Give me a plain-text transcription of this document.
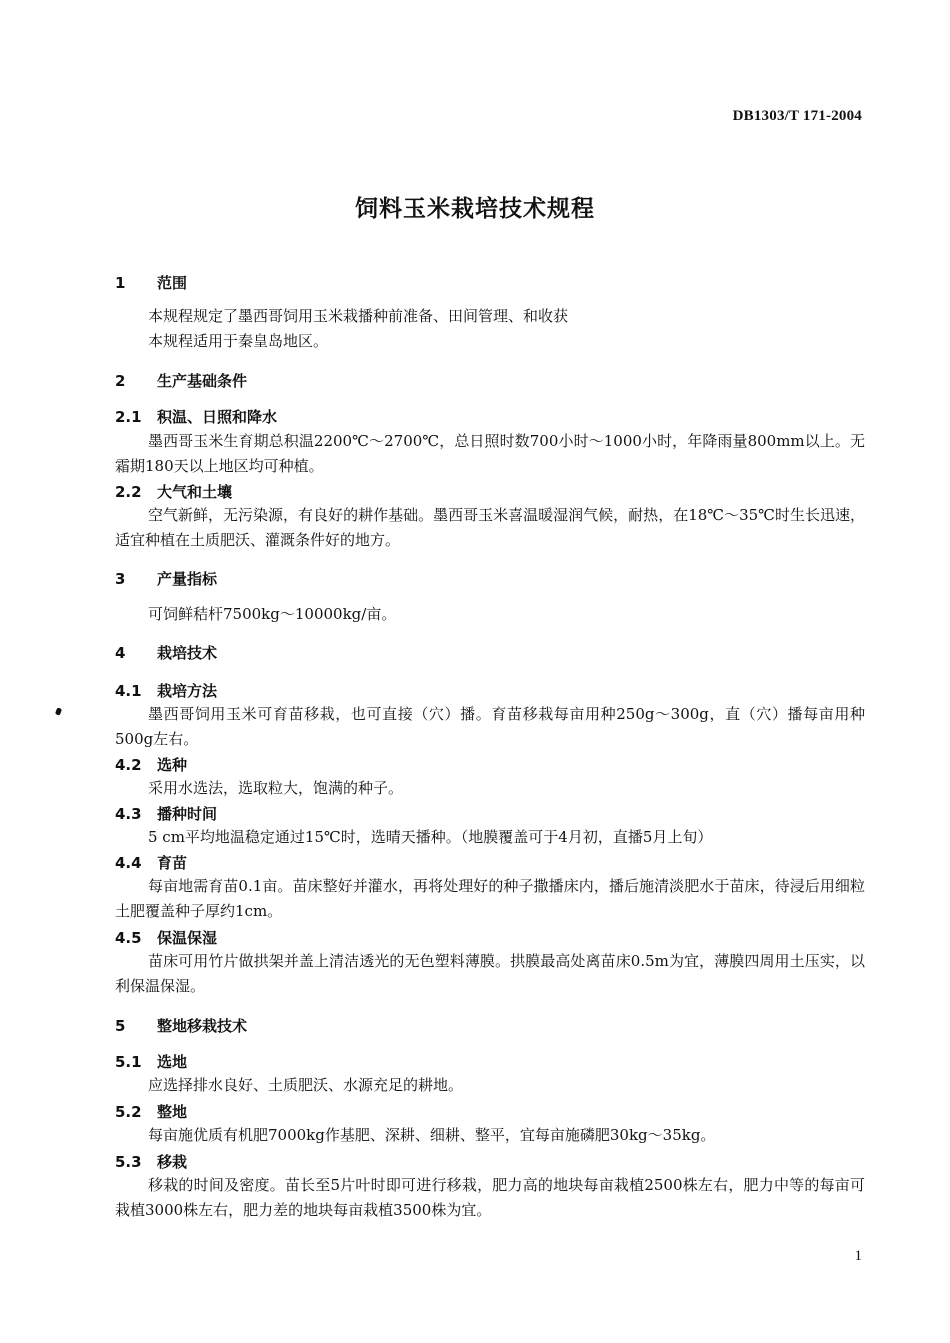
DB1303/T 171-2004
饲料玉米栽培技术规程
1 范围
本规程规定了墨西哥饲用玉米栽播种前准备、田间管理、和收获
本规程适用于秦皇岛地区。
2 生产基础条件
2.1 积温、日照和降水
墨西哥玉米生育期总积温2200℃～2700℃，总日照时数700小时～1000小时，年降雨量800mm以上。无霜期180天以上地区均可种植。
2.2 大气和土壤
空气新鲜，无污染源，有良好的耕作基础。墨西哥玉米喜温暖湿润气候，耐热，在18℃～35℃时生长迅速，适宜种植在土质肥沃、灌溉条件好的地方。
3 产量指标
可饲鲜秸杆7500kg～10000kg/亩。
4 栽培技术
4.1 栽培方法
墨西哥饲用玉米可育苗移栽，也可直接（穴）播。育苗移栽每亩用种250g～300g，直（穴）播每亩用种500g左右。
4.2 选种
采用水选法，选取粒大，饱满的种子。
4.3 播种时间
5 cm平均地温稳定通过15℃时，选晴天播种。（地膜覆盖可于4月初，直播5月上旬）
4.4 育苗
每亩地需育苗0.1亩。苗床整好并灌水，再将处理好的种子撒播床内，播后施清淡肥水于苗床，待浸后用细粒土肥覆盖种子厚约1cm。
4.5 保温保湿
苗床可用竹片做拱架并盖上清洁透光的无色塑料薄膜。拱膜最高处离苗床0.5m为宜，薄膜四周用土压实，以利保温保湿。
5 整地移栽技术
5.1 选地
应选择排水良好、土质肥沃、水源充足的耕地。
5.2 整地
每亩施优质有机肥7000kg作基肥、深耕、细耕、整平，宜每亩施磷肥30kg～35kg。
5.3 移栽
移栽的时间及密度。苗长至5片叶时即可进行移栽，肥力高的地块每亩栽植2500株左右，肥力中等的每亩可栽植3000株左右，肥力差的地块每亩栽植3500株为宜。
1
